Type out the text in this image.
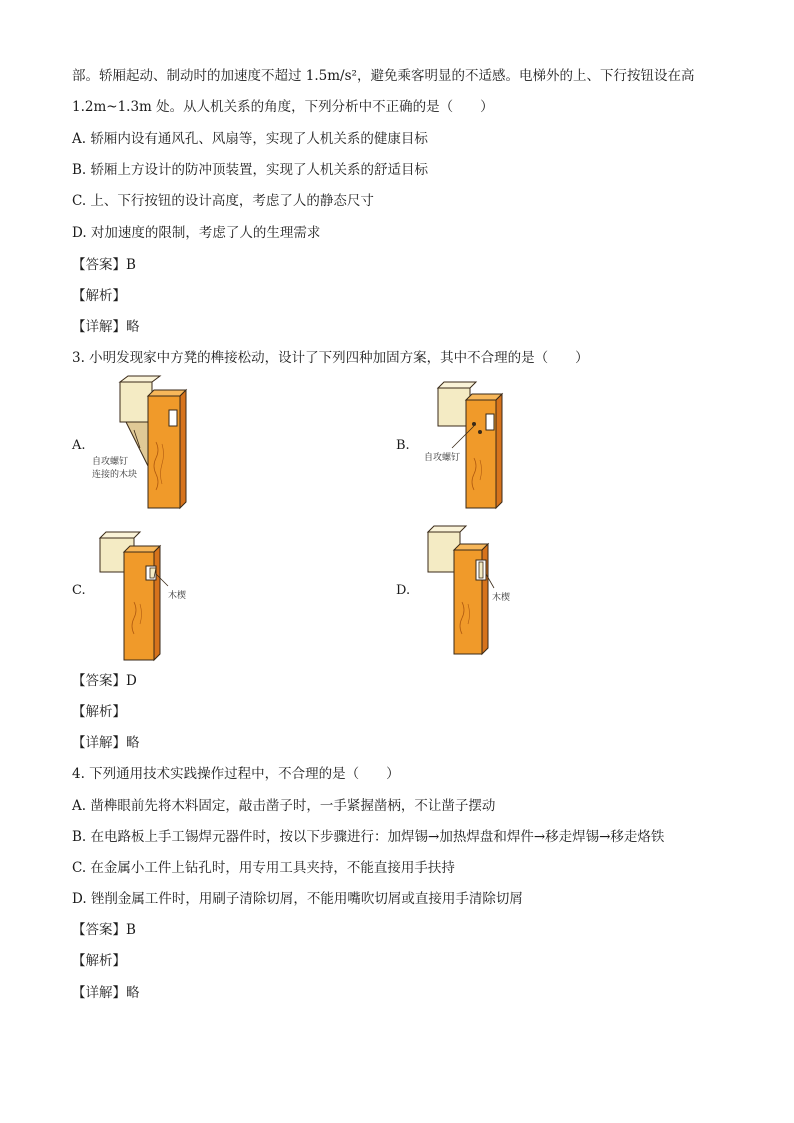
部。轿厢起动、制动时的加速度不超过 1.5m/s²，避免乘客明显的不适感。电梯外的上、下行按钮设在高
1.2m~1.3m 处。从人机关系的角度，下列分析中不正确的是（　　）
A. 轿厢内设有通风孔、风扇等，实现了人机关系的健康目标
B. 轿厢上方设计的防冲顶装置，实现了人机关系的舒适目标
C. 上、下行按钮的设计高度，考虑了人的静态尺寸
D. 对加速度的限制，考虑了人的生理需求
【答案】B
【解析】
【详解】略
3. 小明发现家中方凳的榫接松动，设计了下列四种加固方案，其中不合理的是（　　）
A.
自攻螺钉
连接的木块
B.
自攻螺钉
C.	木楔	D.	木楔
【答案】D
【解析】
【详解】略
4. 下列通用技术实践操作过程中，不合理的是（　　）
A. 凿榫眼前先将木料固定，敲击凿子时，一手紧握凿柄，不让凿子摆动
B. 在电路板上手工锡焊元器件时，按以下步骤进行：加焊锡→加热焊盘和焊件→移走焊锡→移走烙铁
C. 在金属小工件上钻孔时，用专用工具夹持，不能直接用手扶持
D. 锉削金属工件时，用刷子清除切屑，不能用嘴吹切屑或直接用手清除切屑
【答案】B
【解析】
【详解】略
